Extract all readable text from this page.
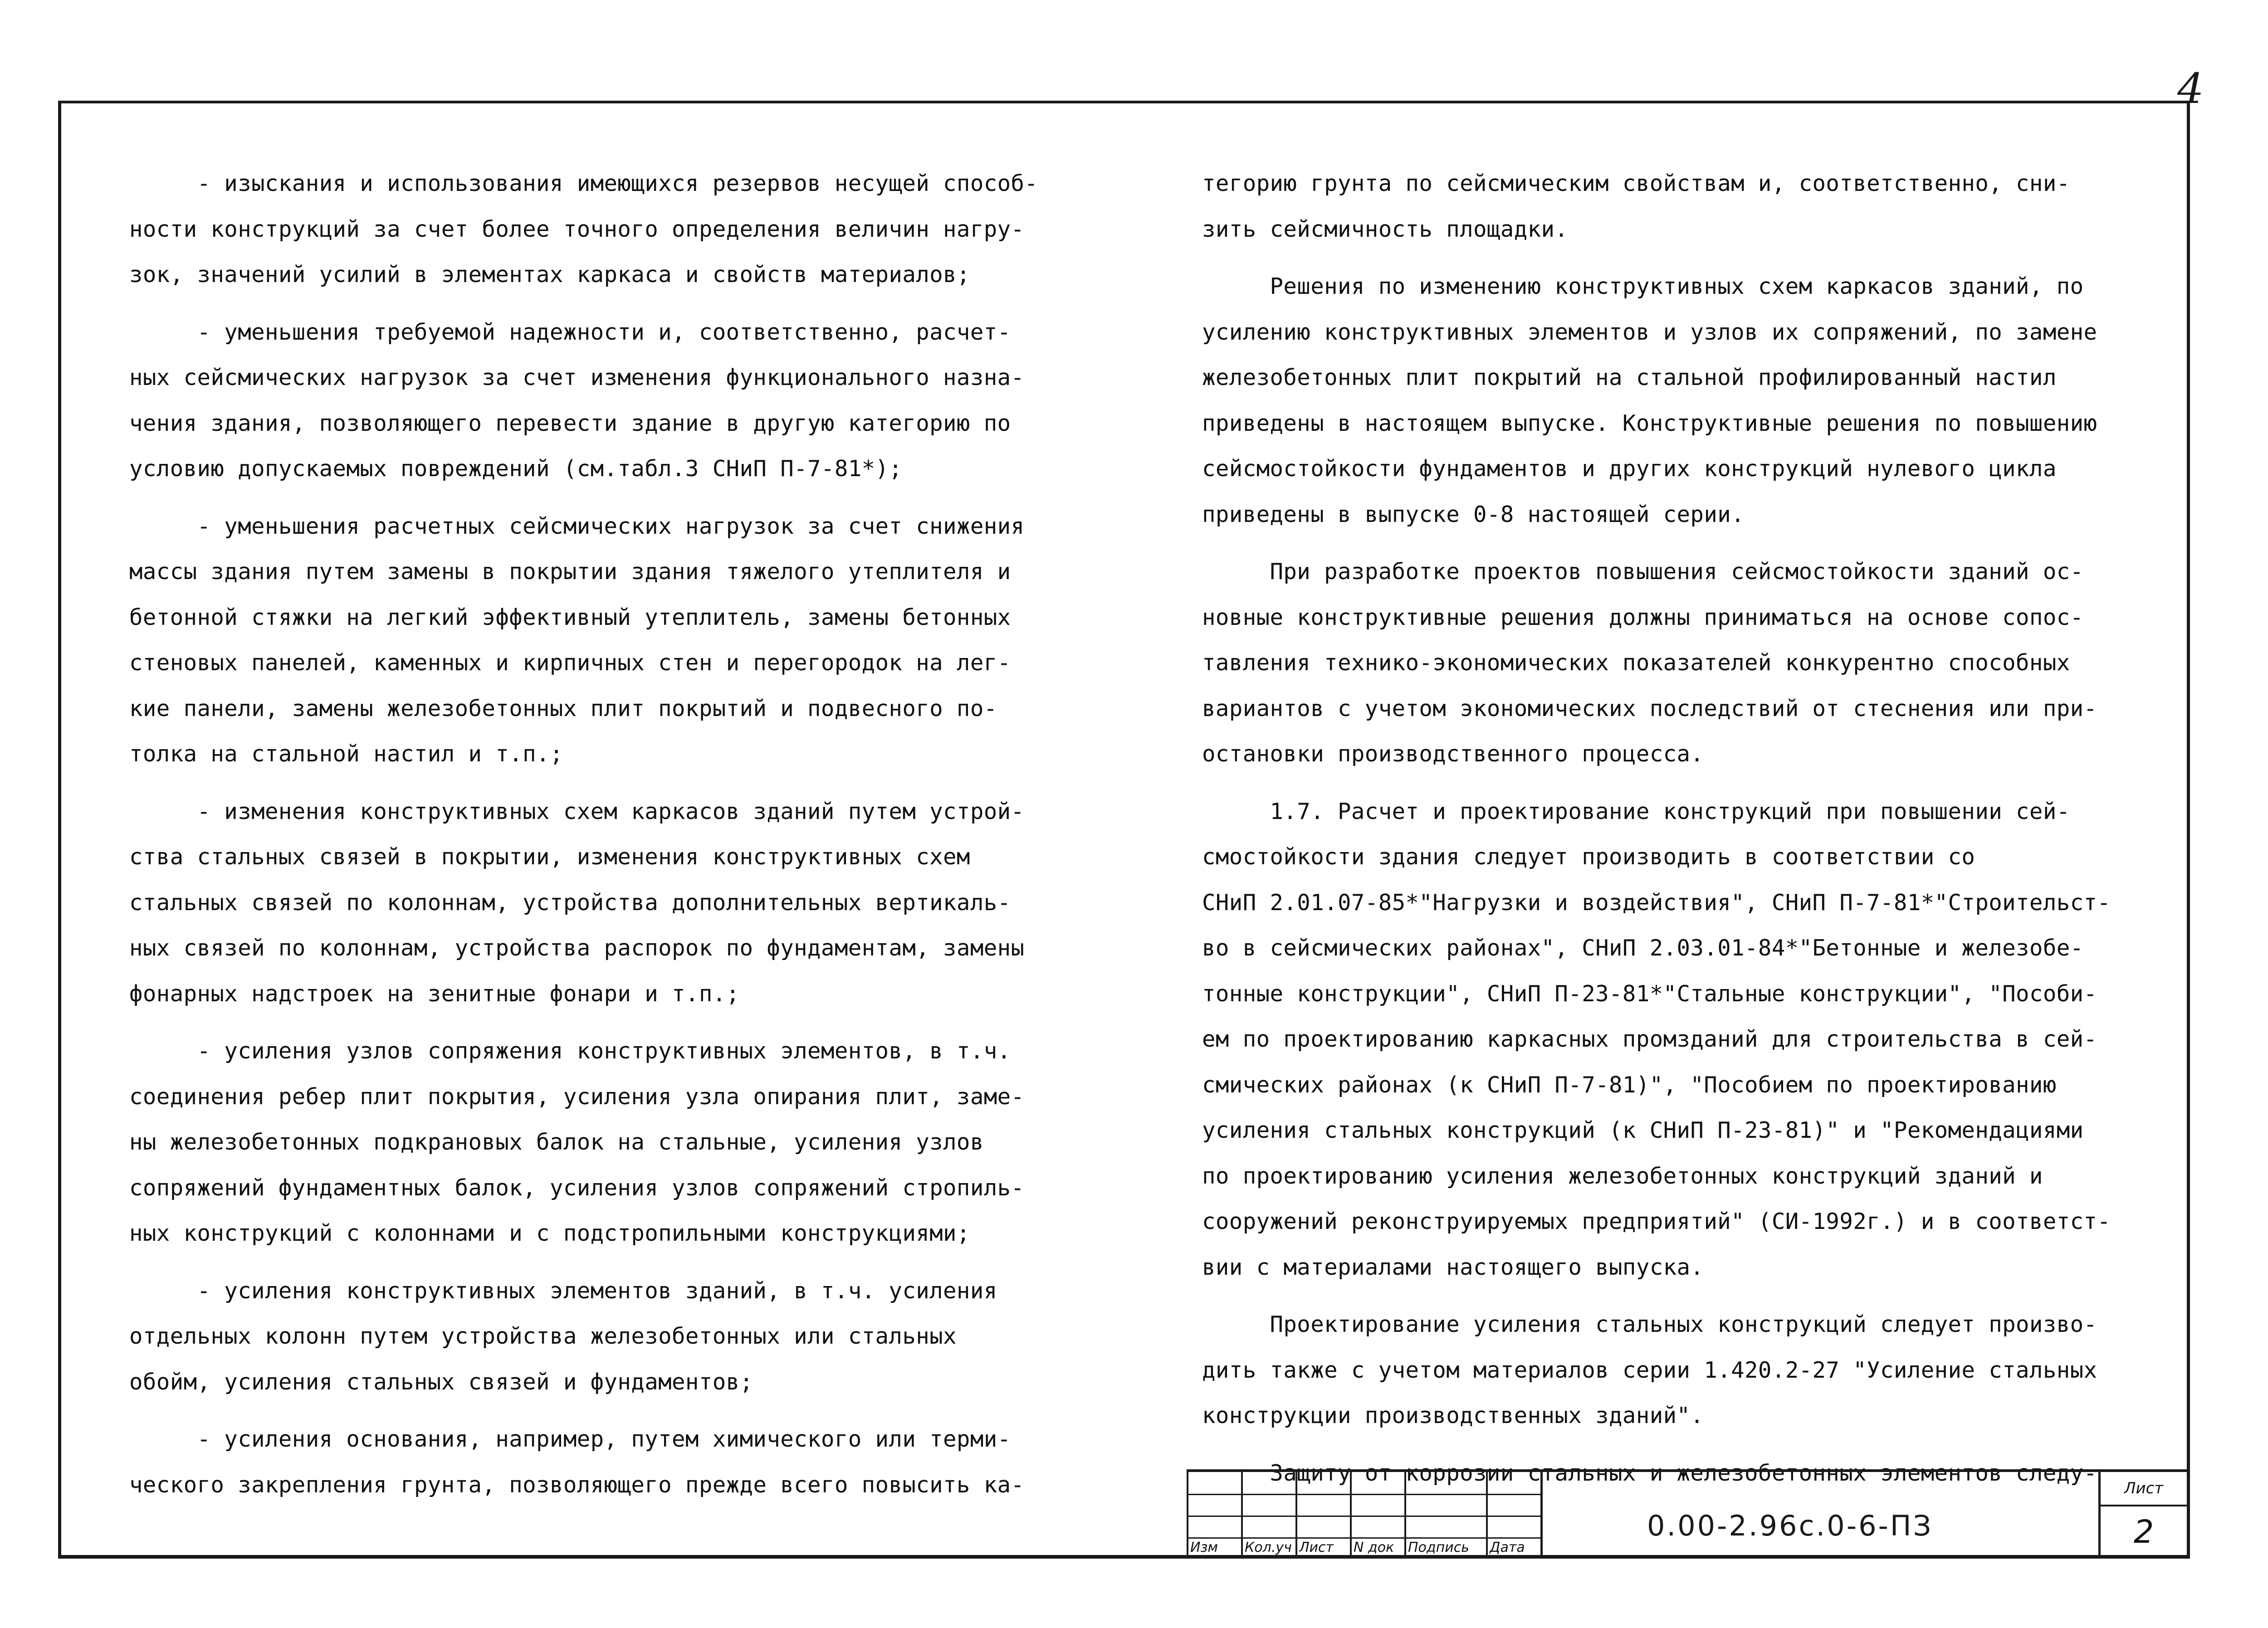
4
- изыскания и использования имеющихся резервов несущей способ-
ности конструкций за счет более точного определения величин нагру-
зок, значений усилий в элементах каркаса и свойств материалов;
- уменьшения требуемой надежности и, соответственно, расчет-
ных сейсмических нагрузок за счет изменения функционального назна-
чения здания, позволяющего перевести здание в другую категорию по
условию допускаемых повреждений (см.табл.3 СНиП П-7-81*);
- уменьшения расчетных сейсмических нагрузок за счет снижения
массы здания путем замены в покрытии здания тяжелого утеплителя и
бетонной стяжки на легкий эффективный утеплитель, замены бетонных
стеновых панелей, каменных и кирпичных стен и перегородок на лег-
кие панели, замены железобетонных плит покрытий и подвесного по-
толка на стальной настил и т.п.;
- изменения конструктивных схем каркасов зданий путем устрой-
ства стальных связей в покрытии, изменения конструктивных схем
стальных связей по колоннам, устройства дополнительных вертикаль-
ных связей по колоннам, устройства распорок по фундаментам, замены
фонарных надстроек на зенитные фонари и т.п.;
- усиления узлов сопряжения конструктивных элементов, в т.ч.
соединения ребер плит покрытия, усиления узла опирания плит, заме-
ны железобетонных подкрановых балок на стальные, усиления узлов
сопряжений фундаментных балок, усиления узлов сопряжений стропиль-
ных конструкций с колоннами и с подстропильными конструкциями;
- усиления конструктивных элементов зданий, в т.ч. усиления
отдельных колонн путем устройства железобетонных или стальных
обойм, усиления стальных связей и фундаментов;
- усиления основания, например, путем химического или терми-
ческого закрепления грунта, позволяющего прежде всего повысить ка-
тегорию грунта по сейсмическим свойствам и, соответственно, сни-
зить сейсмичность площадки.
Решения по изменению конструктивных схем каркасов зданий, по
усилению конструктивных элементов и узлов их сопряжений, по замене
железобетонных плит покрытий на стальной профилированный настил
приведены в настоящем выпуске. Конструктивные решения по повышению
сейсмостойкости фундаментов и других конструкций нулевого цикла
приведены в выпуске 0-8 настоящей серии.
При разработке проектов повышения сейсмостойкости зданий ос-
новные конструктивные решения должны приниматься на основе сопос-
тавления технико-экономических показателей конкурентно способных
вариантов с учетом экономических последствий от стеснения или при-
остановки производственного процесса.
1.7. Расчет и проектирование конструкций при повышении сей-
смостойкости здания следует производить в соответствии со
СНиП 2.01.07-85*"Нагрузки и воздействия", СНиП П-7-81*"Строительст-
во в сейсмических районах", СНиП 2.03.01-84*"Бетонные и железобе-
тонные конструкции", СНиП П-23-81*"Стальные конструкции", "Пособи-
ем по проектированию каркасных промзданий для строительства в сей-
смических районах (к СНиП П-7-81)", "Пособием по проектированию
усиления стальных конструкций (к СНиП П-23-81)" и "Рекомендациями
по проектированию усиления железобетонных конструкций зданий и
сооружений реконструируемых предприятий" (СИ-1992г.) и в соответст-
вии с материалами настоящего выпуска.
Проектирование усиления стальных конструкций следует произво-
дить также с учетом материалов серии 1.420.2-27 "Усиление стальных
конструкции производственных зданий".
Защиту от коррозии стальных и железобетонных элементов следу-
Изм	Кол.уч Лист	N док	Подпись	Дата
0.00-2.96с.0-6-ПЗ
Лист
2
